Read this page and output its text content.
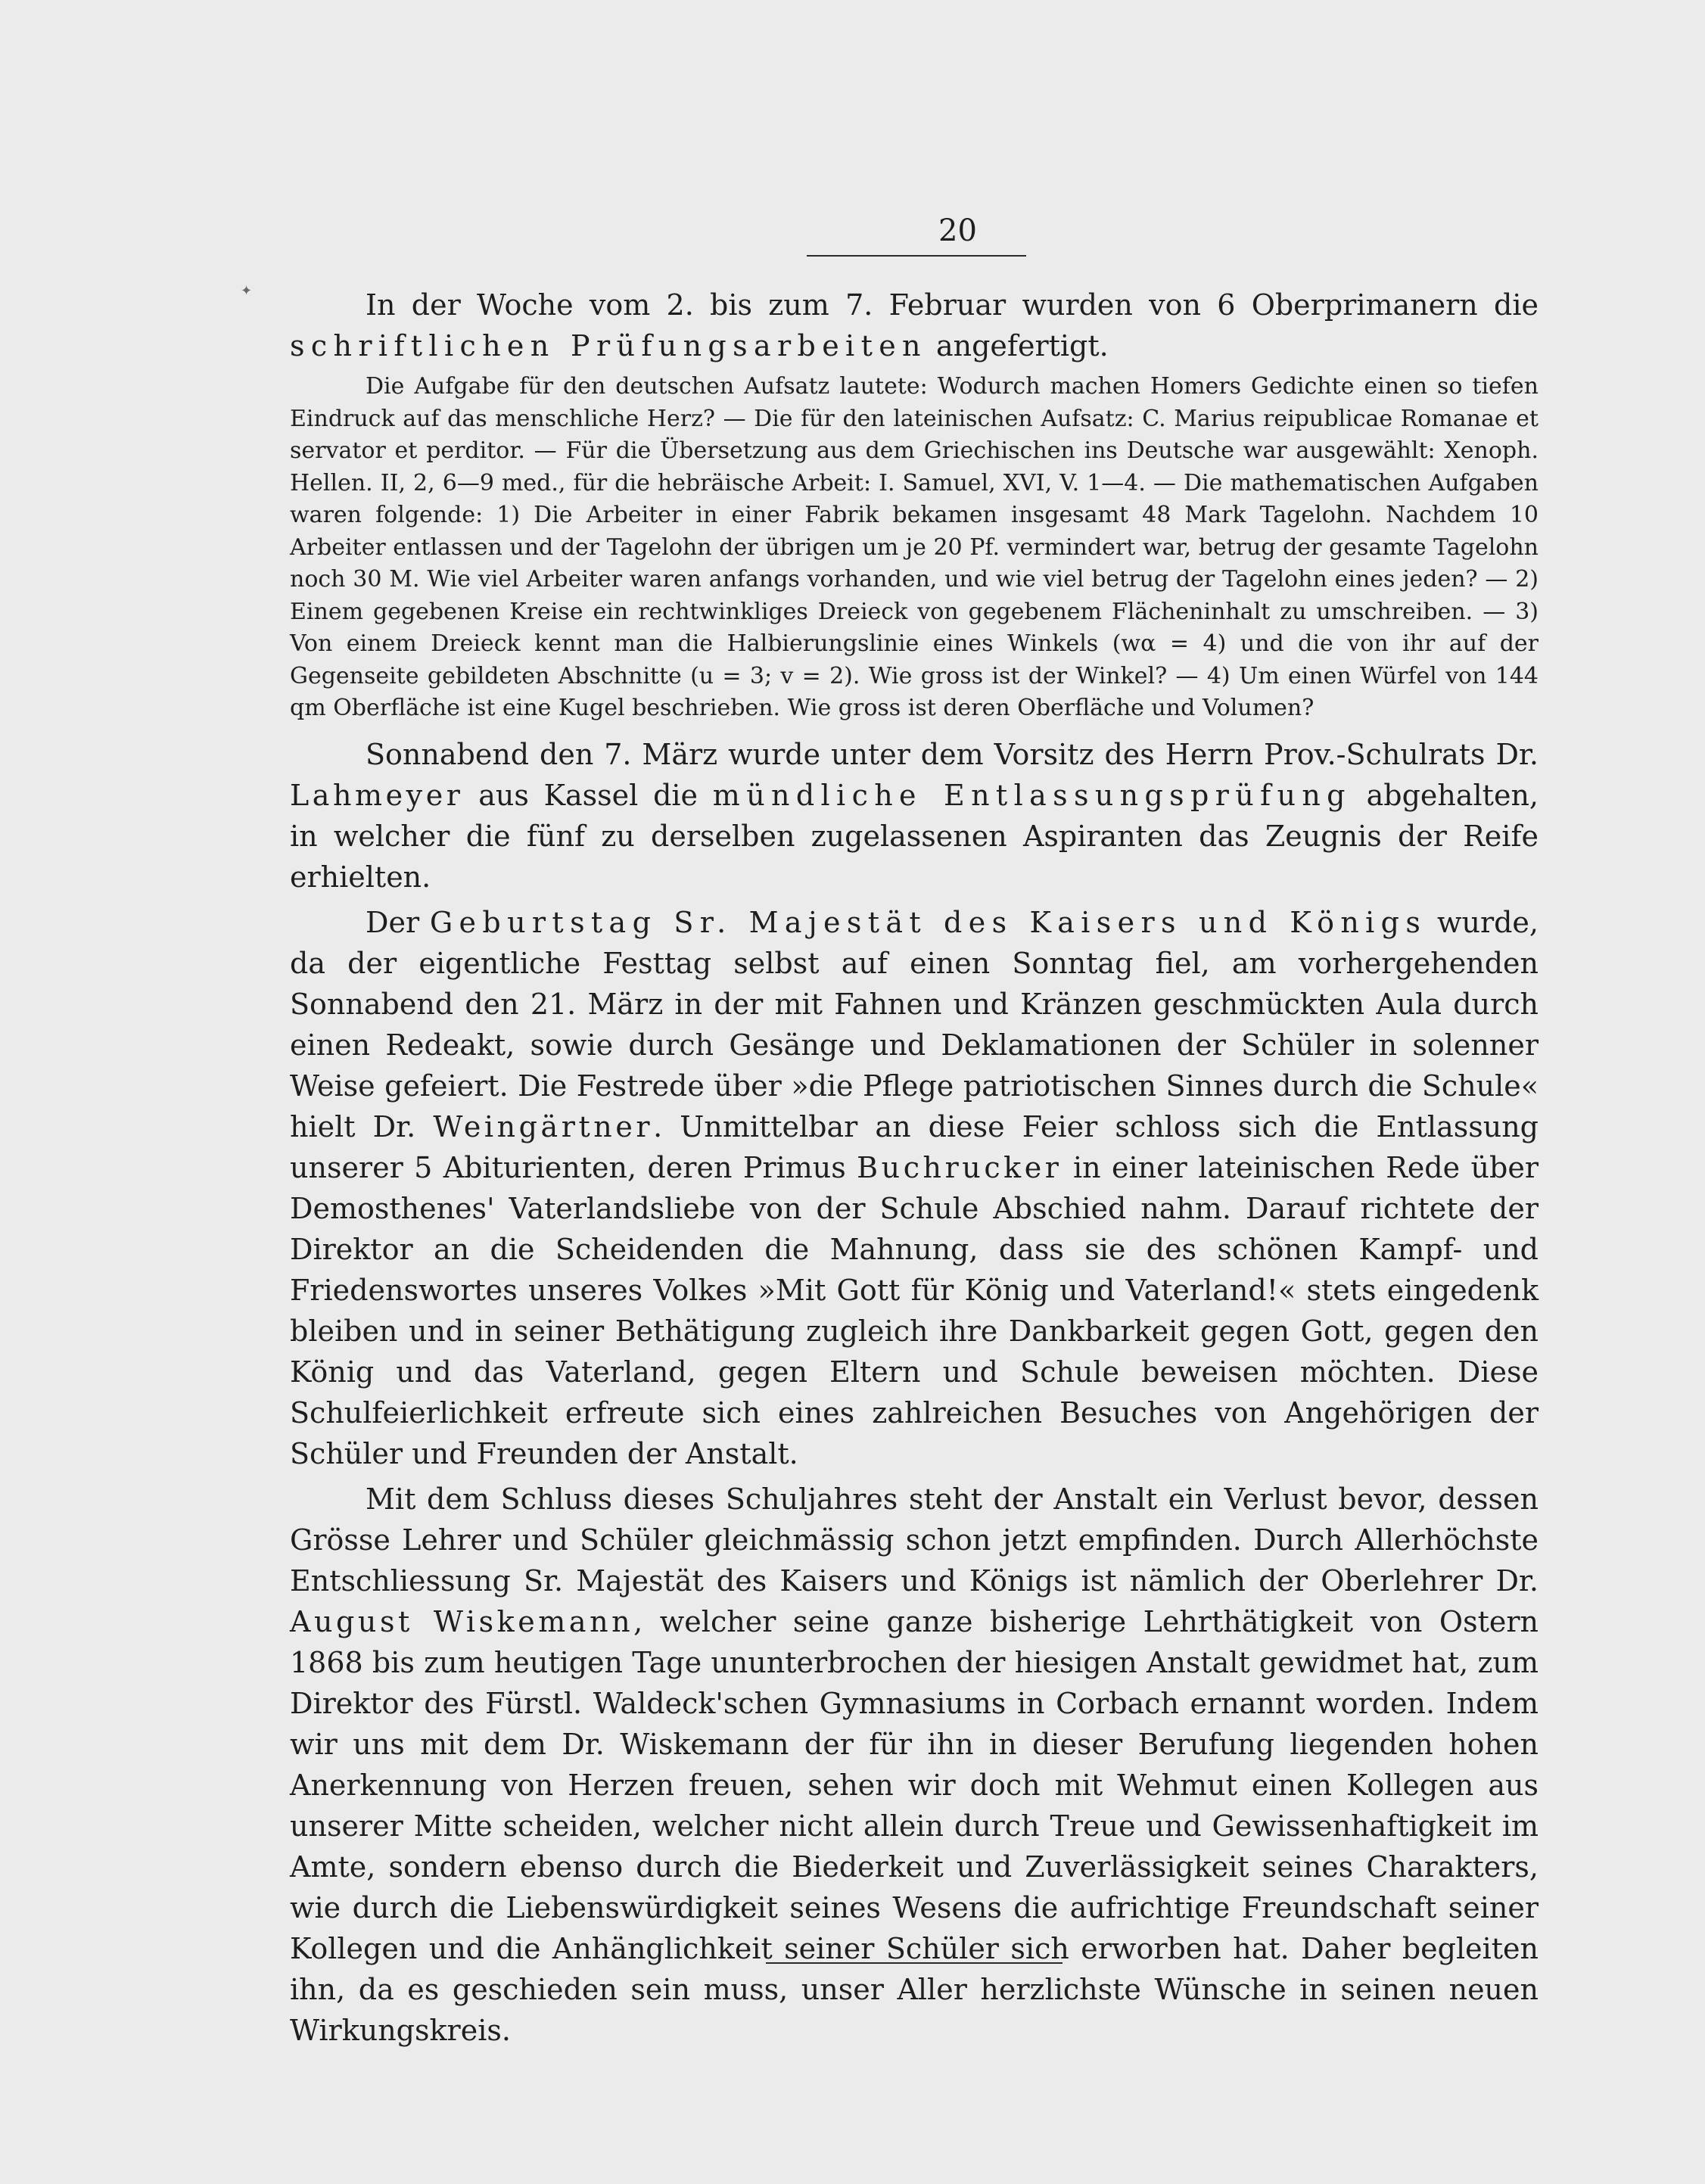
✦

20

In der Woche vom 2. bis zum 7. Februar wurden von 6 Oberprimanern die schriftlichen Prüfungsarbeiten angefertigt.

Die Aufgabe für den deutschen Aufsatz lautete: Wodurch machen Homers Gedichte einen so tiefen Eindruck auf das menschliche Herz? — Die für den lateinischen Aufsatz: C. Marius reipublicae Romanae et servator et perditor. — Für die Übersetzung aus dem Griechischen ins Deutsche war ausgewählt: Xenoph. Hellen. II, 2, 6—9 med., für die hebräische Arbeit: I. Samuel, XVI, V. 1—4. — Die mathematischen Aufgaben waren folgende: 1) Die Arbeiter in einer Fabrik bekamen insgesamt 48 Mark Tagelohn. Nachdem 10 Arbeiter entlassen und der Tagelohn der übrigen um je 20 Pf. vermindert war, betrug der gesamte Tagelohn noch 30 M. Wie viel Arbeiter waren anfangs vorhanden, und wie viel betrug der Tagelohn eines jeden? — 2) Einem gegebenen Kreise ein rechtwinkliges Dreieck von gegebenem Flächeninhalt zu umschreiben. — 3) Von einem Dreieck kennt man die Halbierungslinie eines Winkels (wα = 4) und die von ihr auf der Gegenseite gebildeten Abschnitte (u = 3; v = 2). Wie gross ist der Winkel? — 4) Um einen Würfel von 144 qm Oberfläche ist eine Kugel beschrieben. Wie gross ist deren Oberfläche und Volumen?

Sonnabend den 7. März wurde unter dem Vorsitz des Herrn Prov.-Schulrats Dr. Lahmeyer aus Kassel die mündliche Entlassungsprüfung abgehalten, in welcher die fünf zu derselben zugelassenen Aspiranten das Zeugnis der Reife erhielten.

Der Geburtstag Sr. Majestät des Kaisers und Königs wurde, da der eigentliche Festtag selbst auf einen Sonntag fiel, am vorhergehenden Sonnabend den 21. März in der mit Fahnen und Kränzen geschmückten Aula durch einen Redeakt, sowie durch Gesänge und Deklamationen der Schüler in solenner Weise gefeiert. Die Festrede über »die Pflege patriotischen Sinnes durch die Schule« hielt Dr. Weingärtner. Unmittelbar an diese Feier schloss sich die Entlassung unserer 5 Abiturienten, deren Primus Buchrucker in einer lateinischen Rede über Demosthenes' Vaterlandsliebe von der Schule Abschied nahm. Darauf richtete der Direktor an die Scheidenden die Mahnung, dass sie des schönen Kampf- und Friedenswortes unseres Volkes »Mit Gott für König und Vaterland!« stets eingedenk bleiben und in seiner Bethätigung zugleich ihre Dankbarkeit gegen Gott, gegen den König und das Vaterland, gegen Eltern und Schule beweisen möchten. Diese Schulfeierlichkeit erfreute sich eines zahlreichen Besuches von Angehörigen der Schüler und Freunden der Anstalt.

Mit dem Schluss dieses Schuljahres steht der Anstalt ein Verlust bevor, dessen Grösse Lehrer und Schüler gleichmässig schon jetzt empfinden. Durch Allerhöchste Entschliessung Sr. Majestät des Kaisers und Königs ist nämlich der Oberlehrer Dr. August Wiskemann, welcher seine ganze bisherige Lehrthätigkeit von Ostern 1868 bis zum heutigen Tage ununterbrochen der hiesigen Anstalt gewidmet hat, zum Direktor des Fürstl. Waldeck'schen Gymnasiums in Corbach ernannt worden. Indem wir uns mit dem Dr. Wiskemann der für ihn in dieser Berufung liegenden hohen Anerkennung von Herzen freuen, sehen wir doch mit Wehmut einen Kollegen aus unserer Mitte scheiden, welcher nicht allein durch Treue und Gewissenhaftigkeit im Amte, sondern ebenso durch die Biederkeit und Zuverlässigkeit seines Charakters, wie durch die Liebenswürdigkeit seines Wesens die aufrichtige Freundschaft seiner Kollegen und die Anhänglichkeit seiner Schüler sich erworben hat. Daher begleiten ihn, da es geschieden sein muss, unser Aller herzlichste Wünsche in seinen neuen Wirkungskreis.
